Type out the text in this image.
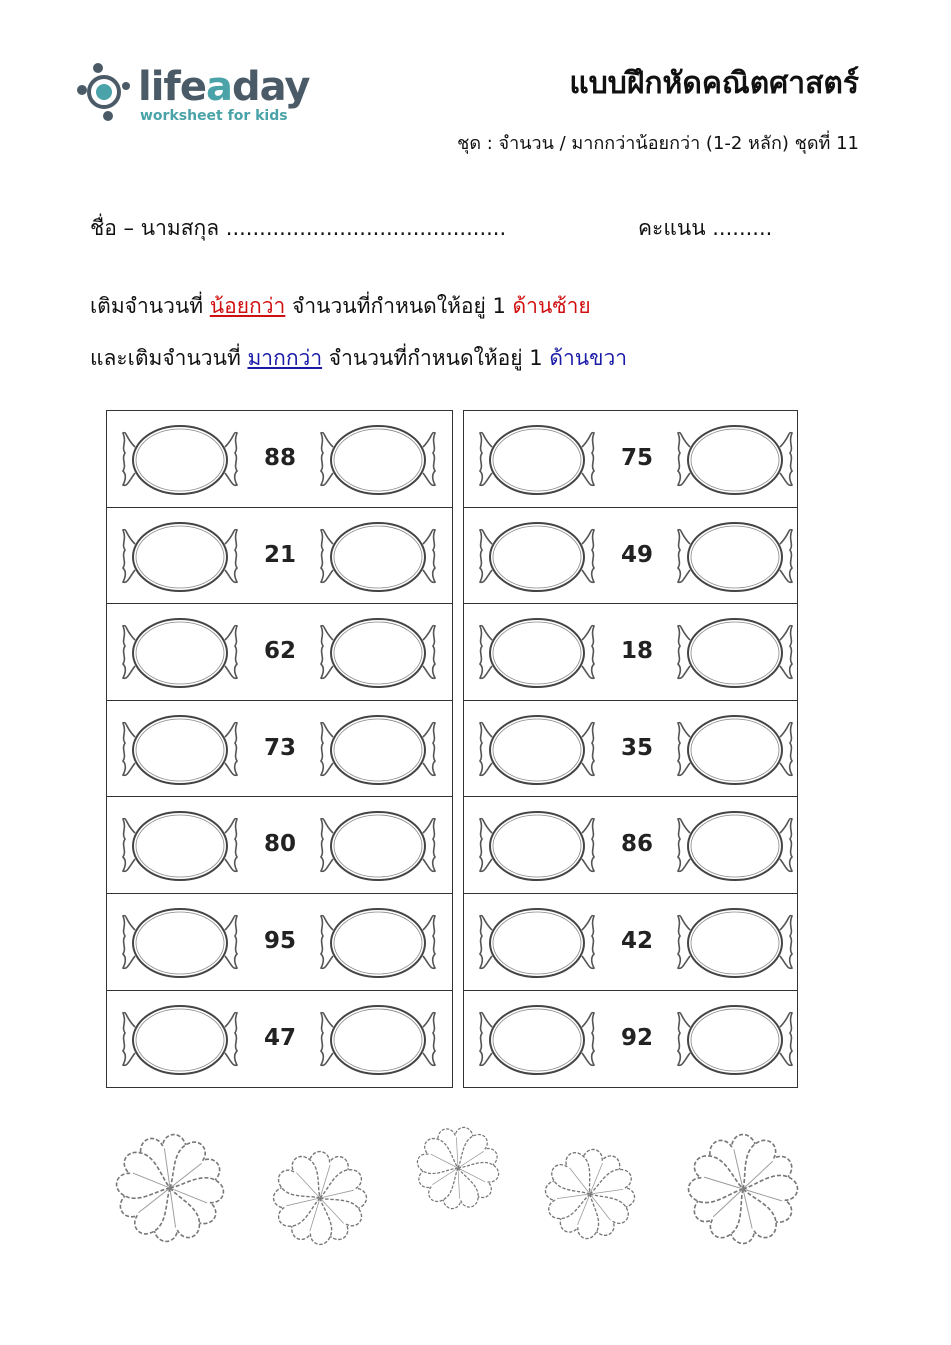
lifeaday
worksheet for kids
แบบฝึกหัดคณิตศาสตร์
ชุด : จำนวน / มากกว่าน้อยกว่า (1-2 หลัก) ชุดที่ 11
ชื่อ – นามสกุล ..........................................	คะแนน .........
เติมจำนวนที่ น้อยกว่า จำนวนที่กำหนดให้อยู่ 1 ด้านซ้าย
และเติมจำนวนที่ มากกว่า จำนวนที่กำหนดให้อยู่ 1 ด้านขวา
88
21
62
73
80
95
47
75
49
18
35
86
42
92
